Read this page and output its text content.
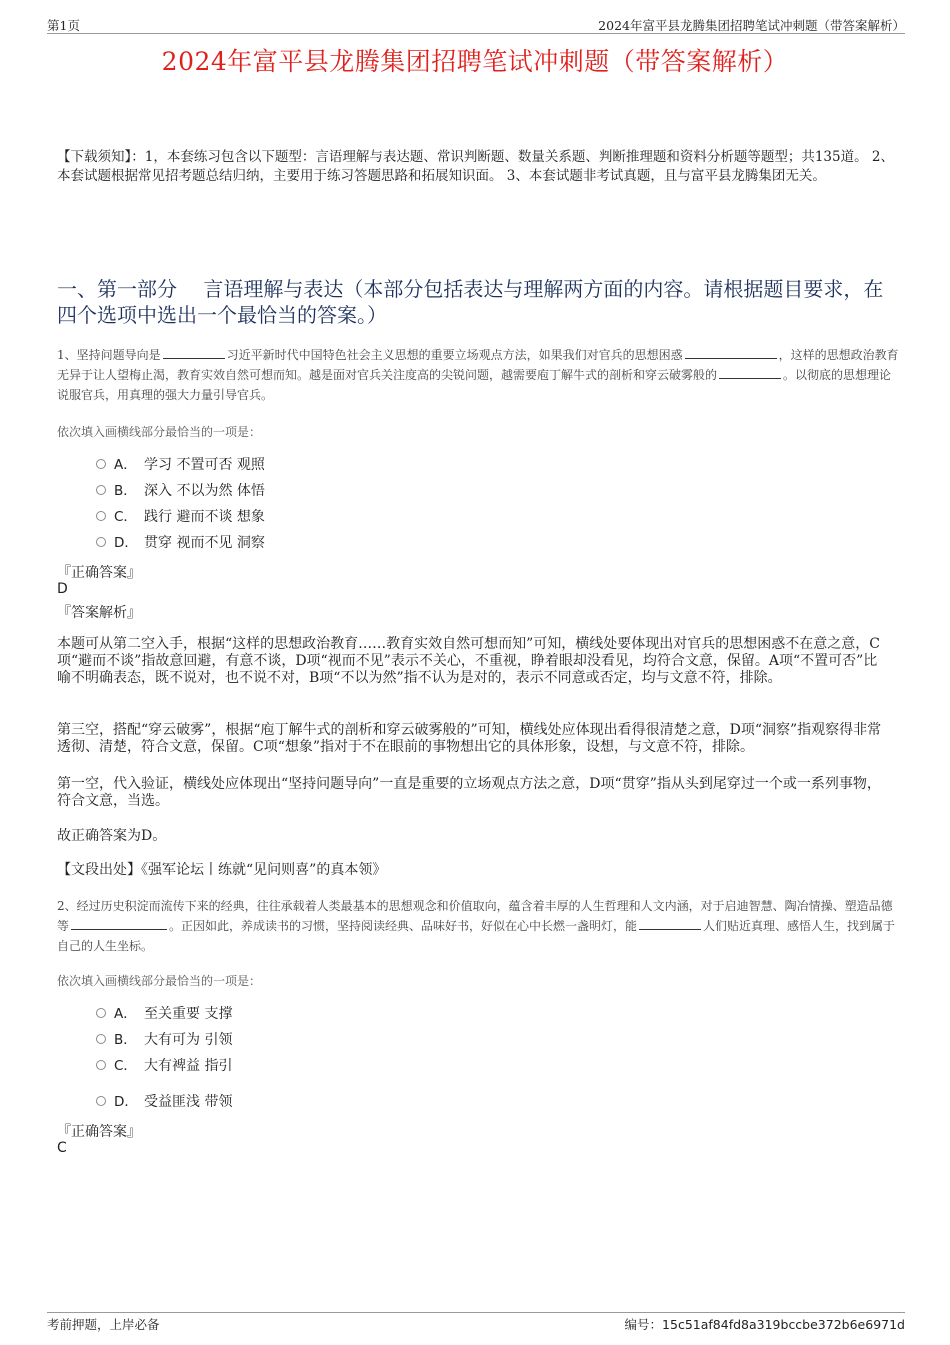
第1页	2024年富平县龙腾集团招聘笔试冲刺题（带答案解析）
2024年富平县龙腾集团招聘笔试冲刺题（带答案解析）
【下载须知】：1，本套练习包含以下题型：言语理解与表达题、常识判断题、数量关系题、判断推理题和资料分析题等题型；共135道。 2、本套试题根据常见招考题总结归纳，主要用于练习答题思路和拓展知识面。 3、本套试题非考试真题，且与富平县龙腾集团无关。
一、第一部分　 言语理解与表达（本部分包括表达与理解两方面的内容。请根据题目要求，在四个选项中选出一个最恰当的答案。）
1、坚持问题导向是	习近平新时代中国特色社会主义思想的重要立场观点方法，如果我们对官兵的思想困惑	，这样的思想政治教育无异于让人望梅止渴，教育实效自然可想而知。越是面对官兵关注度高的尖锐问题，越需要庖丁解牛式的剖析和穿云破雾般的	。以彻底的思想理论说服官兵，用真理的强大力量引导官兵。
依次填入画横线部分最恰当的一项是：
A． 学习 不置可否 观照
B． 深入 不以为然 体悟
C． 践行 避而不谈 想象
D． 贯穿 视而不见 洞察
『正确答案』
D
『答案解析』
本题可从第二空入手，根据“这样的思想政治教育……教育实效自然可想而知”可知，横线处要体现出对官兵的思想困惑不在意之意，C项“避而不谈”指故意回避，有意不谈，D项“视而不见”表示不关心，不重视，睁着眼却没看见，均符合文意，保留。A项“不置可否”比喻不明确表态，既不说对，也不说不对，B项“不以为然”指不认为是对的，表示不同意或否定，均与文意不符，排除。
第三空，搭配“穿云破雾”，根据“庖丁解牛式的剖析和穿云破雾般的”可知，横线处应体现出看得很清楚之意，D项“洞察”指观察得非常透彻、清楚，符合文意，保留。C项“想象”指对于不在眼前的事物想出它的具体形象，设想，与文意不符，排除。
第一空，代入验证，横线处应体现出“坚持问题导向”一直是重要的立场观点方法之意，D项“贯穿”指从头到尾穿过一个或一系列事物，符合文意，当选。
故正确答案为D。
【文段出处】《强军论坛丨练就“见问则喜”的真本领》
2、经过历史积淀而流传下来的经典，往往承载着人类最基本的思想观念和价值取向，蕴含着丰厚的人生哲理和人文内涵，对于启迪智慧、陶冶情操、塑造品德等	。正因如此，养成读书的习惯，坚持阅读经典、品味好书，好似在心中长燃一盏明灯，能	人们贴近真理、感悟人生，找到属于自己的人生坐标。
依次填入画横线部分最恰当的一项是：
A． 至关重要 支撑
B． 大有可为 引领
C． 大有裨益 指引
D． 受益匪浅 带领
『正确答案』
C
考前押题，上岸必备	编号：15c51af84fd8a319bccbe372b6e6971d
